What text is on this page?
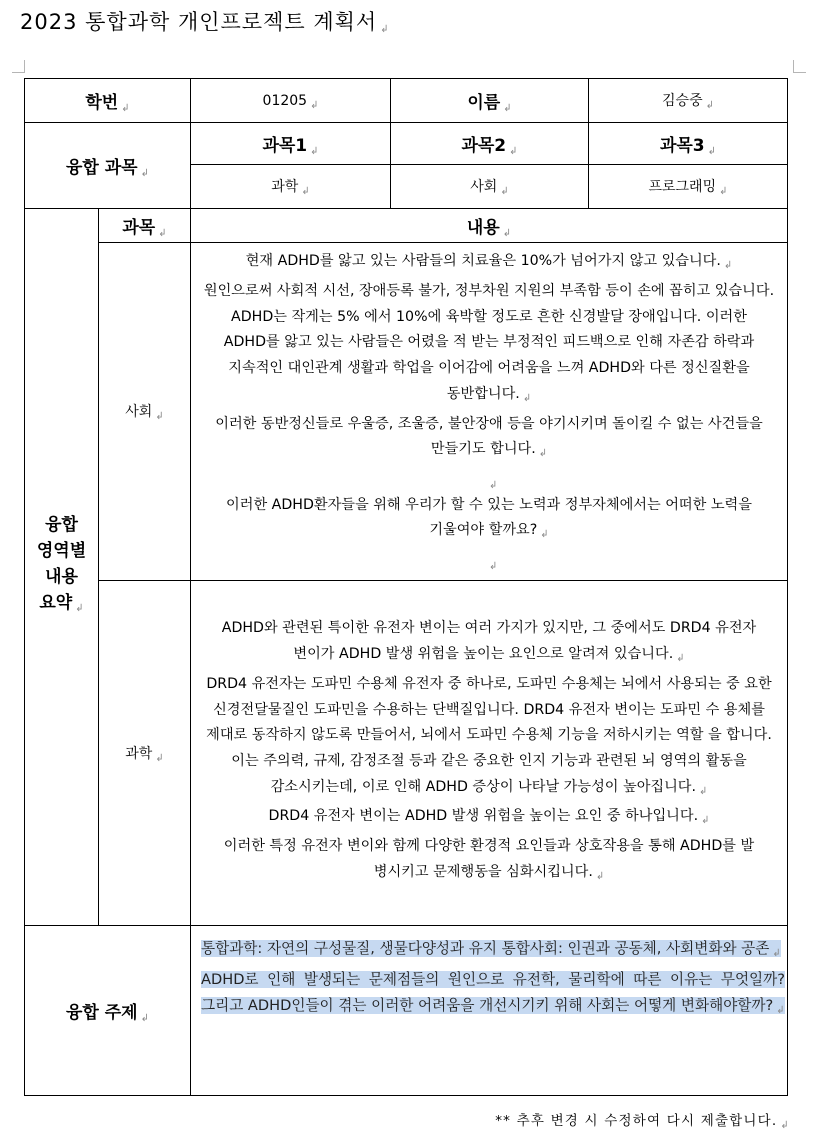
2023 통합과학 개인프로젝트 계획서 ↲
학번 ↲		01205 ↲	이름 ↲	김승중 ↲
융합 과목 ↲		과목1 ↲	과목2 ↲	과목3 ↲
		과학 ↲	사회 ↲	프로그래밍 ↲

융합
영역별
내용
요약 ↲	과목 ↲	내용 ↲
	사회 ↲	현재 ADHD를 앓고 있는 사람들의 치료율은 10%가 넘어가지 않고 있습니다. ↲

원인으로써 사회적 시선, 장애등록 불가, 정부차원 지원의 부족함 등이 손에 꼽히고 있습니다. ADHD는 작게는 5% 에서 10%에 육박할 정도로 흔한 신경발달 장애입니다. 이러한 ADHD를 앓고 있는 사람들은 어렸을 적 받는 부정적인 피드백으로 인해 자존감 하락과 지속적인 대인관계 생활과 학업을 이어감에 어려움을 느껴 ADHD와 다른 정신질환을 동반합니다. ↲

이러한 동반정신들로 우울증, 조울증, 불안장애 등을 야기시키며 돌이킬 수 없는 사건들을 만들기도 합니다. ↲

↲

이러한 ADHD환자들을 위해 우리가 할 수 있는 노력과 정부자체에서는 어떠한 노력을 기울여야 할까요? ↲

↲

	과학 ↲	ADHD와 관련된 특이한 유전자 변이는 여러 가지가 있지만, 그 중에서도 DRD4 유전자 변이가 ADHD 발생 위험을 높이는 요인으로 알려져 있습니다. ↲

DRD4 유전자는 도파민 수용체 유전자 중 하나로, 도파민 수용체는 뇌에서 사용되는 중 요한 신경전달물질인 도파민을 수용하는 단백질입니다. DRD4 유전자 변이는 도파민 수 용체를 제대로 동작하지 않도록 만들어서, 뇌에서 도파민 수용체 기능을 저하시키는 역할 을 합니다. 이는 주의력, 규제, 감정조절 등과 같은 중요한 인지 기능과 관련된 뇌 영역의 활동을 감소시키는데, 이로 인해 ADHD 증상이 나타날 가능성이 높아집니다. ↲

DRD4 유전자 변이는 ADHD 발생 위험을 높이는 요인 중 하나입니다. ↲

이러한 특정 유전자 변이와 함께 다양한 환경적 요인들과 상호작용을 통해 ADHD를 발 병시키고 문제행동을 심화시킵니다. ↲

융합 주제 ↲		통합과학: 자연의 구성물질, 생물다양성과 유지 통합사회: 인권과 공동체, 사회변화와 공존 ↲

ADHD로 인해 발생되는 문제점들의 원인으로 유전학, 물리학에 따른 이유는 무엇일까? 그리고 ADHD인들이 겪는 이러한 어려움을 개선시기키 위해 사회는 어떻게 변화해야할까? ↲

** 추후 변경 시 수정하여 다시 제출합니다. ↲
